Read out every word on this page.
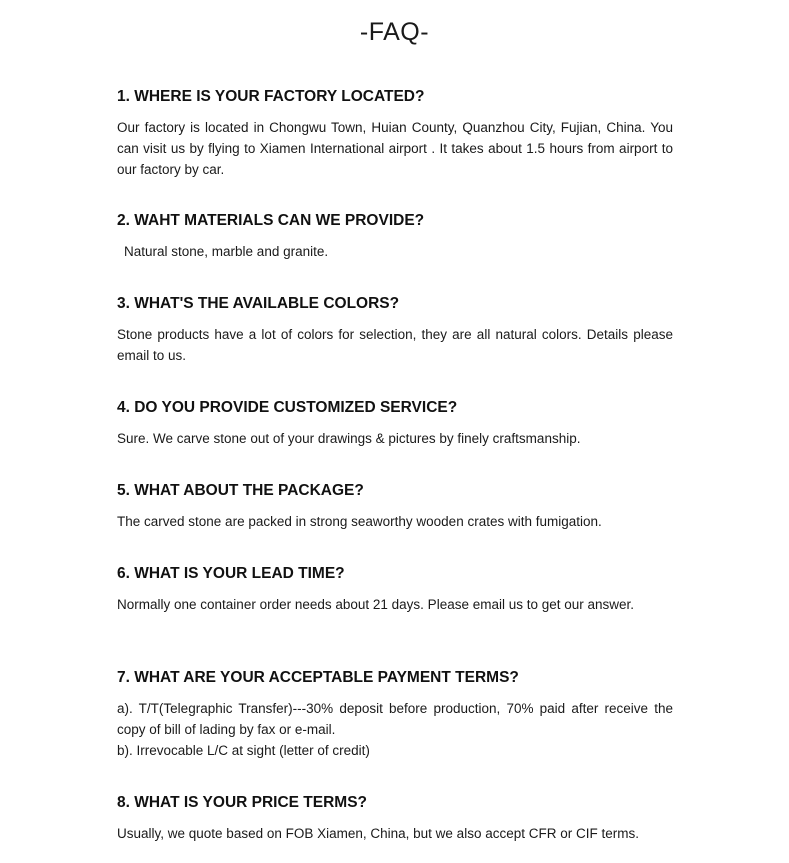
-FAQ-
1. WHERE IS YOUR FACTORY LOCATED?

Our factory is located in Chongwu Town, Huian County, Quanzhou City, Fujian, China. You can visit us by flying to Xiamen International airport . It takes about 1.5 hours from airport to our factory by car.

2. WAHT MATERIALS CAN WE PROVIDE?

Natural stone, marble and granite.

3. WHAT'S THE AVAILABLE COLORS?

Stone products have a lot of colors for selection, they are all natural colors. Details please email to us.

4. DO YOU PROVIDE CUSTOMIZED SERVICE?

Sure. We carve stone out of your drawings & pictures by finely craftsmanship.

5. WHAT ABOUT THE PACKAGE?

The carved stone are packed in strong seaworthy wooden crates with fumigation.

6. WHAT IS YOUR LEAD TIME?

Normally one container order needs about 21 days. Please email us to get our answer.

7. WHAT ARE YOUR ACCEPTABLE PAYMENT TERMS?

a). T/T(Telegraphic Transfer)---30% deposit before production, 70% paid after receive the copy of bill of lading by fax or e-mail.
b). Irrevocable L/C at sight (letter of credit)

8. WHAT IS YOUR PRICE TERMS?

Usually, we quote based on FOB Xiamen, China, but we also accept CFR or CIF terms.
